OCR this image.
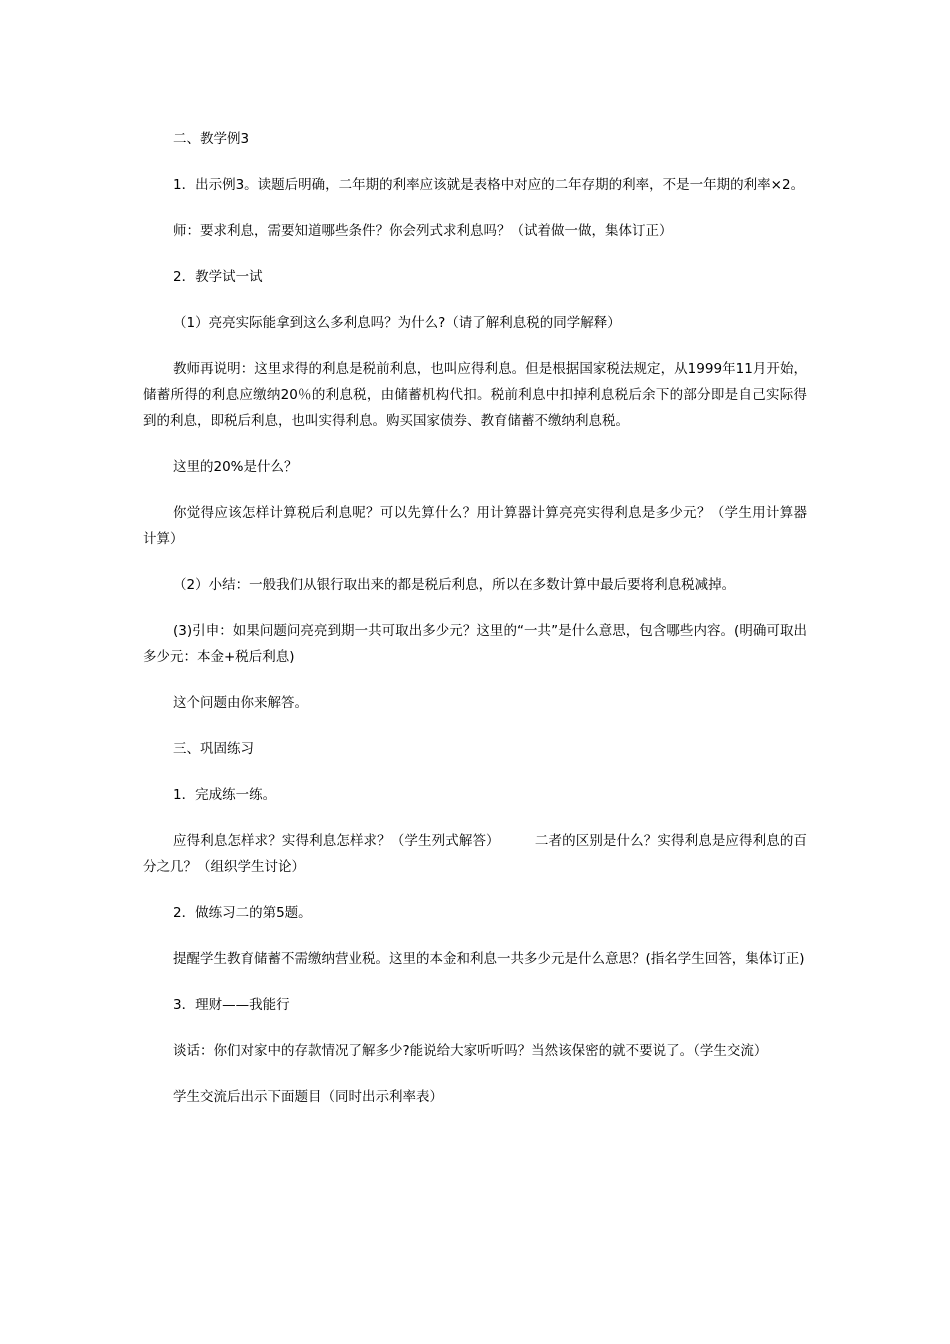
二、教学例3

1．出示例3。读题后明确，二年期的利率应该就是表格中对应的二年存期的利率，不是一年期的利率×2。

师：要求利息，需要知道哪些条件？你会列式求利息吗？（试着做一做，集体订正）

2．教学试一试

（1）亮亮实际能拿到这么多利息吗？为什么?（请了解利息税的同学解释）

教师再说明：这里求得的利息是税前利息，也叫应得利息。但是根据国家税法规定，从1999年11月开始，储蓄所得的利息应缴纳20％的利息税，由储蓄机构代扣。税前利息中扣掉利息税后余下的部分即是自己实际得到的利息，即税后利息，也叫实得利息。购买国家债券、教育储蓄不缴纳利息税。

这里的20%是什么？

你觉得应该怎样计算税后利息呢？可以先算什么？用计算器计算亮亮实得利息是多少元？（学生用计算器计算）

（2）小结：一般我们从银行取出来的都是税后利息，所以在多数计算中最后要将利息税减掉。

(3)引申：如果问题问亮亮到期一共可取出多少元？这里的“一共”是什么意思，包含哪些内容。(明确可取出多少元：本金+税后利息)

这个问题由你来解答。

三、巩固练习

1．完成练一练。

应得利息怎样求？实得利息怎样求？（学生列式解答）        二者的区别是什么？实得利息是应得利息的百分之几？（组织学生讨论）

2．做练习二的第5题。

提醒学生教育储蓄不需缴纳营业税。这里的本金和利息一共多少元是什么意思？(指名学生回答，集体订正)

3．理财——我能行

谈话：你们对家中的存款情况了解多少?能说给大家听听吗？当然该保密的就不要说了。（学生交流）

学生交流后出示下面题目（同时出示利率表）
